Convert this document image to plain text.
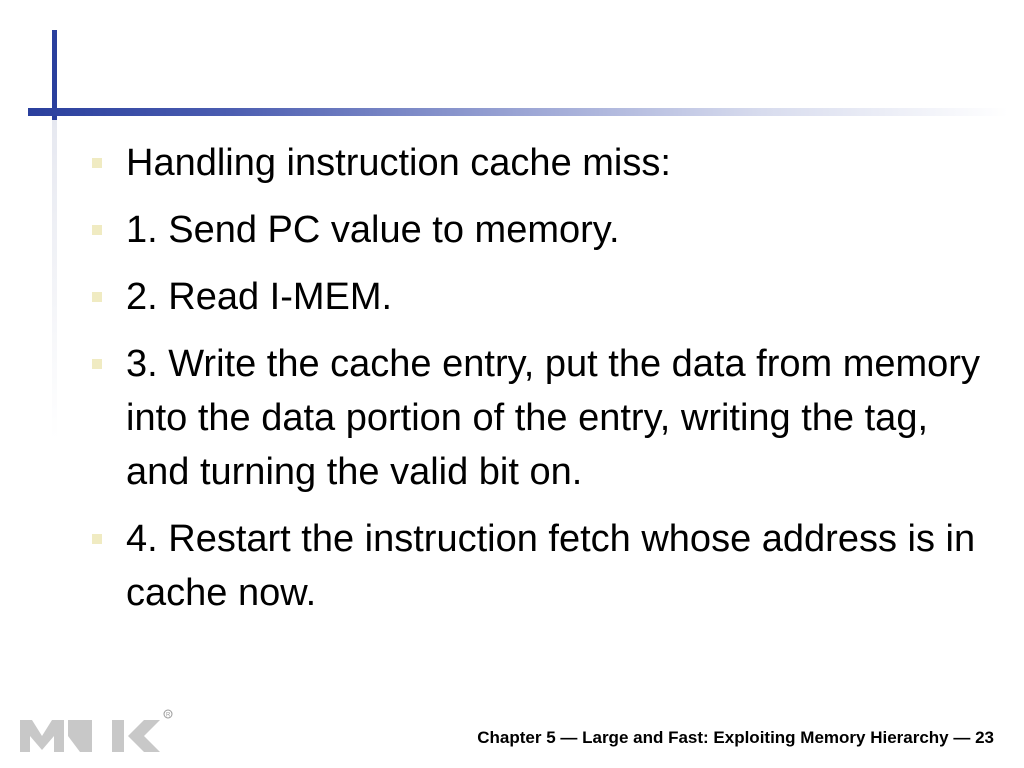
Handling instruction cache miss:
1. Send PC value to memory.
2. Read I-MEM.
3. Write the cache entry, put the data from memory into the data portion of the entry, writing the tag, and turning the valid bit on.
4. Restart the instruction fetch whose address is in cache now.
R
Chapter 5 — Large and Fast: Exploiting Memory Hierarchy — 23
